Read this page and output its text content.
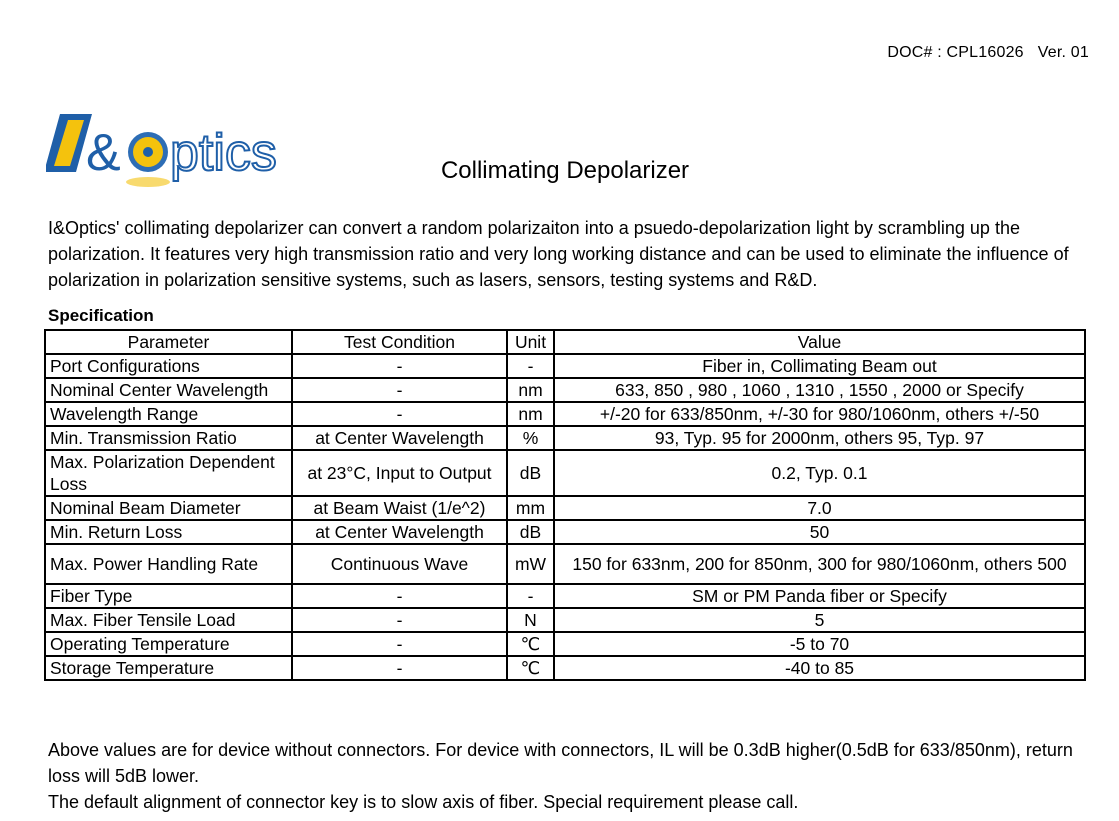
DOC# : CPL16026 Ver. 01
& ptics	Collimating Depolarizer
I&Optics' collimating depolarizer can convert a random polarizaiton into a psuedo-depolarization light by scrambling up the polarization. It features very high transmission ratio and very long working distance and can be used to eliminate the influence of polarization in polarization sensitive systems, such as lasers, sensors, testing systems and R&D.
Specification
Parameter	Test Condition	Unit	Value
Port Configurations	-	-	Fiber in, Collimating Beam out
Nominal Center Wavelength	-	nm	633, 850 , 980 , 1060 , 1310 , 1550 , 2000 or Specify
Wavelength Range	-	nm	+/-20 for 633/850nm, +/-30 for 980/1060nm, others +/-50
Min. Transmission Ratio	at Center Wavelength	%	93, Typ. 95 for 2000nm, others 95, Typ. 97
Max. Polarization Dependent Loss	at 23°C, Input to Output	dB	0.2, Typ. 0.1
Nominal Beam Diameter	at Beam Waist (1/e^2)	mm	7.0
Min. Return Loss	at Center Wavelength	dB	50
Max. Power Handling Rate	Continuous Wave	mW	150 for 633nm, 200 for 850nm, 300 for 980/1060nm, others 500
Fiber Type	-	-	SM or PM Panda fiber or Specify
Max. Fiber Tensile Load	-	N	5
Operating Temperature	-	℃	-5 to 70
Storage Temperature	-	℃	-40 to 85
Above values are for device without connectors. For device with connectors, IL will be 0.3dB higher(0.5dB for 633/850nm), return loss will 5dB lower.
The default alignment of connector key is to slow axis of fiber. Special requirement please call.
